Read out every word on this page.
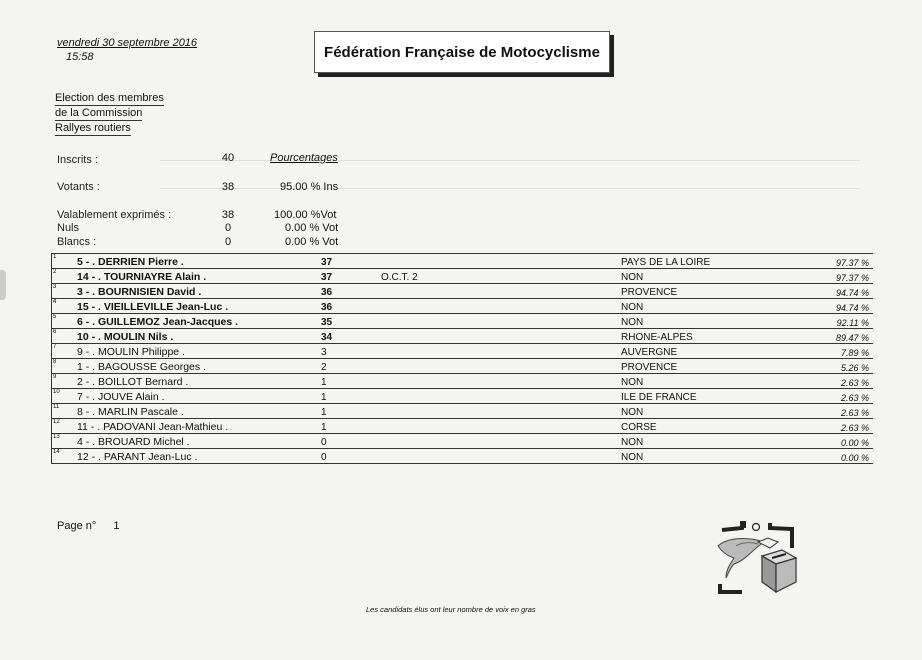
vendredi 30 septembre 2016
15:58	Fédération Française de Motocyclisme
Election des membres
de la Commission
Rallyes routiers
Inscrits :	40	Pourcentages
Votants :	38	95.00 % Ins
Valablement exprimés :	38	100.00 %Vot
Nuls	0	0.00 % Vot
Blancs :	0	0.00 % Vot
1	5 - . DERRIEN Pierre .	37		PAYS DE LA LOIRE	97.37 %
2	14 - . TOURNIAYRE Alain .	37	O.C.T. 2	NON	97.37 %
3	3 - . BOURNISIEN David .	36		PROVENCE	94.74 %
4	15 - . VIEILLEVILLE Jean-Luc .	36		NON	94.74 %
5	6 - . GUILLEMOZ Jean-Jacques .	35		NON	92.11 %
6	10 - . MOULIN Nils .	34		RHONE-ALPES	89.47 %
7	9 - . MOULIN Philippe .	3		AUVERGNE	7.89 %
8	1 - . BAGOUSSE Georges .	2		PROVENCE	5.26 %
9	2 - . BOILLOT Bernard .	1		NON	2.63 %
10	7 - . JOUVE Alain .	1		ILE DE FRANCE	2.63 %
11	8 - . MARLIN Pascale .	1		NON	2.63 %
12	11 - . PADOVANI Jean-Mathieu .	1		CORSE	2.63 %
13	4 - . BROUARD Michel .	0		NON	0.00 %
14	12 - . PARANT Jean-Luc .	0		NON	0.00 %
Page n° 1
Les candidats élus ont leur nombre de voix en gras
